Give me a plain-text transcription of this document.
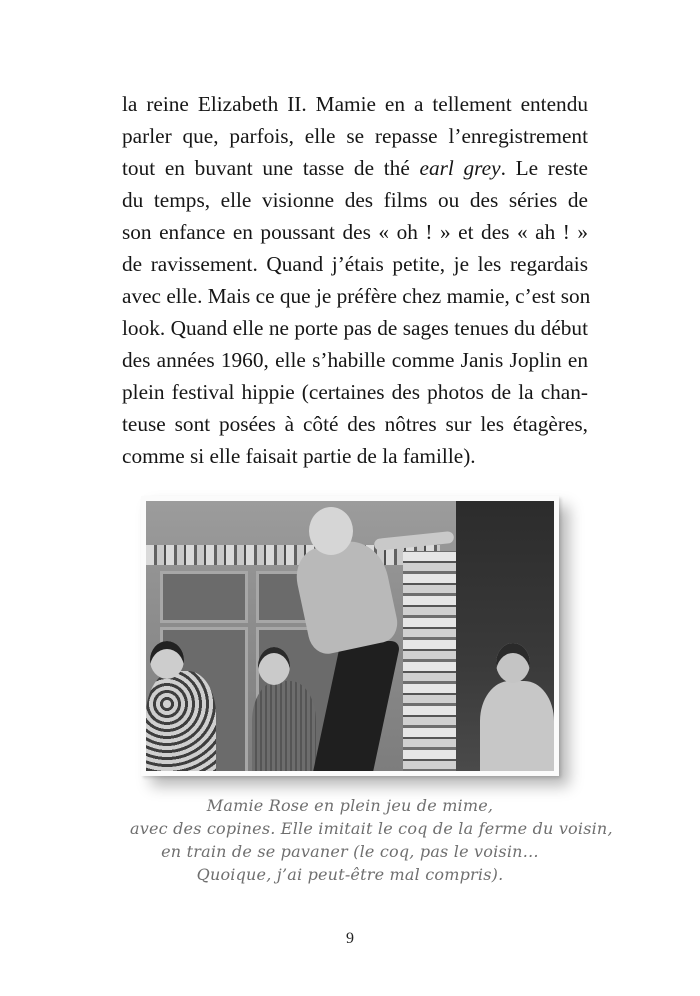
la reine Elizabeth II. Mamie en a tellement entendu
parler que, parfois, elle se repasse l’enregistrement
tout en buvant une tasse de thé earl grey. Le reste
du temps, elle visionne des films ou des séries de
son enfance en poussant des « oh ! » et des « ah ! »
de ravissement. Quand j’étais petite, je les regardais
avec elle. Mais ce que je préfère chez mamie, c’est son
look. Quand elle ne porte pas de sages tenues du début
des années 1960, elle s’habille comme Janis Joplin en
plein festival hippie (certaines des photos de la chan-
teuse sont posées à côté des nôtres sur les étagères,
comme si elle faisait partie de la famille).
Mamie Rose en plein jeu de mime,
avec des copines. Elle imitait le coq de la ferme du voisin,
en train de se pavaner (le coq, pas le voisin…
Quoique, j’ai peut-être mal compris).
9
